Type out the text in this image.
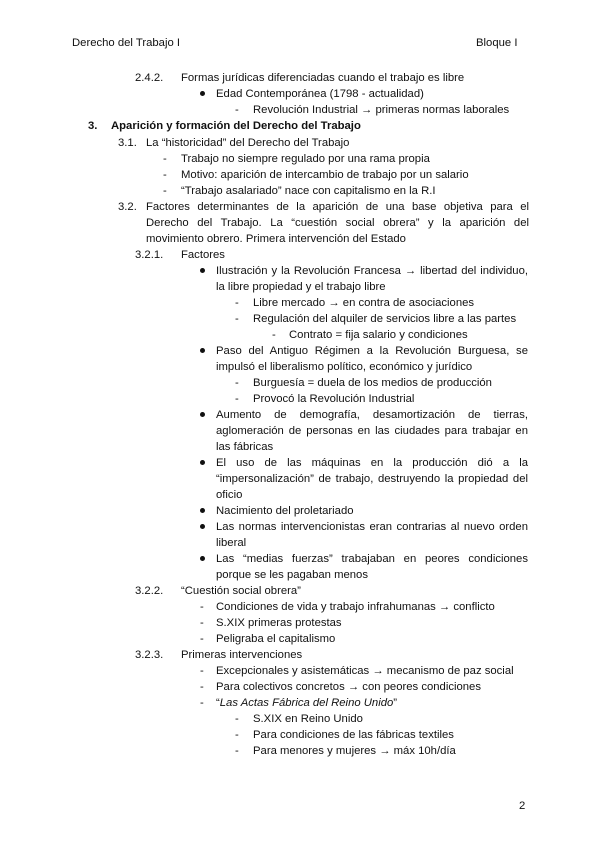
Derecho del Trabajo I	Bloque I
2.4.2. Formas jurídicas diferenciadas cuando el trabajo es libre
Edad Contemporánea (1798 - actualidad)
- Revolución Industrial → primeras normas laborales
3. Aparición y formación del Derecho del Trabajo
3.1. La “historicidad” del Derecho del Trabajo
- Trabajo no siempre regulado por una rama propia
- Motivo: aparición de intercambio de trabajo por un salario
- “Trabajo asalariado” nace con capitalismo en la R.I
3.2. Factores determinantes de la aparición de una base objetiva para el Derecho del Trabajo. La “cuestión social obrera” y la aparición del movimiento obrero. Primera intervención del Estado
3.2.1. Factores
Ilustración y la Revolución Francesa → libertad del individuo, la libre propiedad y el trabajo libre
- Libre mercado → en contra de asociaciones
- Regulación del alquiler de servicios libre a las partes
- Contrato = fija salario y condiciones
Paso del Antiguo Régimen a la Revolución Burguesa, se impulsó el liberalismo político, económico y jurídico
- Burguesía = duela de los medios de producción
- Provocó la Revolución Industrial
Aumento de demografía, desamortización de tierras, aglomeración de personas en las ciudades para trabajar en las fábricas
El uso de las máquinas en la producción dió a la “impersonalización” de trabajo, destruyendo la propiedad del oficio
Nacimiento del proletariado
Las normas intervencionistas eran contrarias al nuevo orden liberal
Las “medias fuerzas” trabajaban en peores condiciones porque se les pagaban menos
3.2.2. “Cuestión social obrera”
- Condiciones de vida y trabajo infrahumanas → conflicto
- S.XIX primeras protestas
- Peligraba el capitalismo
3.2.3. Primeras intervenciones
- Excepcionales y asistemáticas → mecanismo de paz social
- Para colectivos concretos → con peores condiciones
- “Las Actas Fábrica del Reino Unido”
- S.XIX en Reino Unido
- Para condiciones de las fábricas textiles
- Para menores y mujeres → máx 10h/día
2
